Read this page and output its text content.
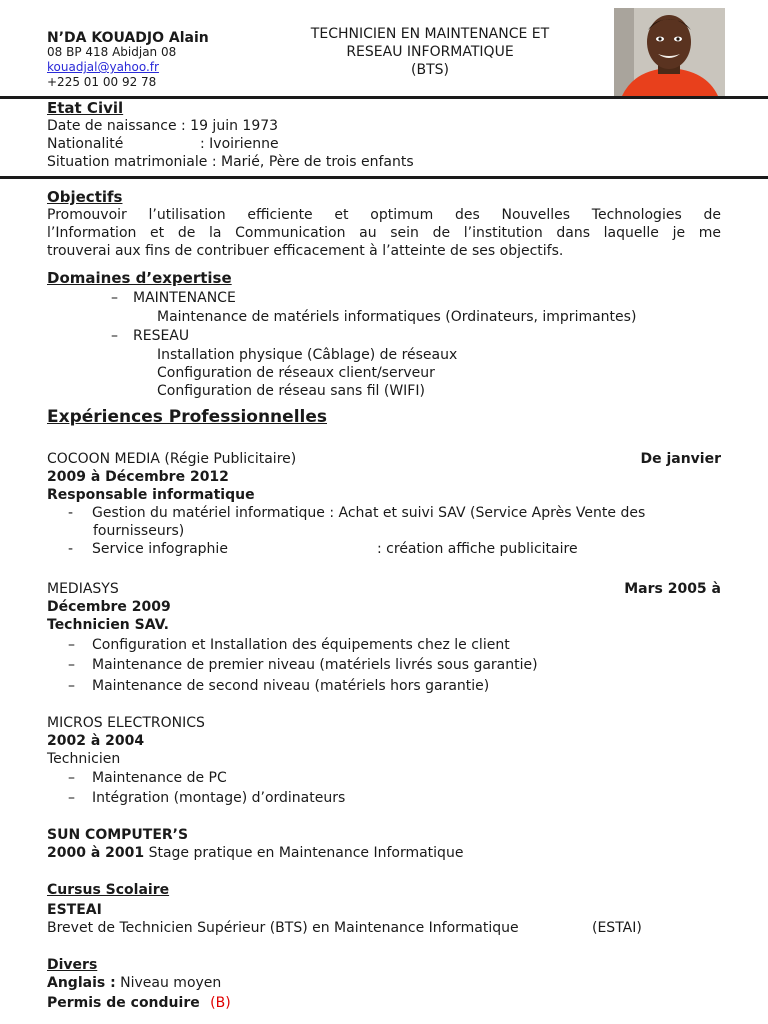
N’DA KOUADJO Alain
08 BP 418 Abidjan 08
kouadjal@yahoo.fr
+225 01 00 92 78
TECHNICIEN EN MAINTENANCE ET
RESEAU INFORMATIQUE
(BTS)
Etat Civil
Date de naissance : 19 juin 1973
Nationalité	: Ivoirienne
Situation matrimoniale : Marié, Père de trois enfants
Objectifs
Promouvoir l’utilisation efficiente et optimum des Nouvelles Technologies de
l’Information et de la Communication au sein de l’institution dans laquelle je me
trouverai aux fins de contribuer efficacement à l’atteinte de ses objectifs.
Domaines d’expertise
– MAINTENANCE
Maintenance de matériels informatiques (Ordinateurs, imprimantes)
– RESEAU
Installation physique (Câblage) de réseaux
Configuration de réseaux client/serveur
Configuration de réseau sans fil (WIFI)
Expériences Professionnelles
COCOON MEDIA (Régie Publicitaire)	De janvier
2009 à Décembre 2012
Responsable informatique
- Gestion du matériel informatique : Achat et suivi SAV (Service Après Vente des
fournisseurs)
- Service infographie	: création affiche publicitaire
MEDIASYS	Mars 2005 à
Décembre 2009
Technicien SAV.
– Configuration et Installation des équipements chez le client
– Maintenance de premier niveau (matériels livrés sous garantie)
– Maintenance de second niveau (matériels hors garantie)
MICROS ELECTRONICS
2002 à 2004
Technicien
– Maintenance de PC
– Intégration (montage) d’ordinateurs
SUN COMPUTER’S
2000 à 2001 Stage pratique en Maintenance Informatique
Cursus Scolaire
ESTEAI
Brevet de Technicien Supérieur (BTS) en Maintenance Informatique	(ESTAI)
Divers
Anglais : Niveau moyen
Permis de conduire (B)
